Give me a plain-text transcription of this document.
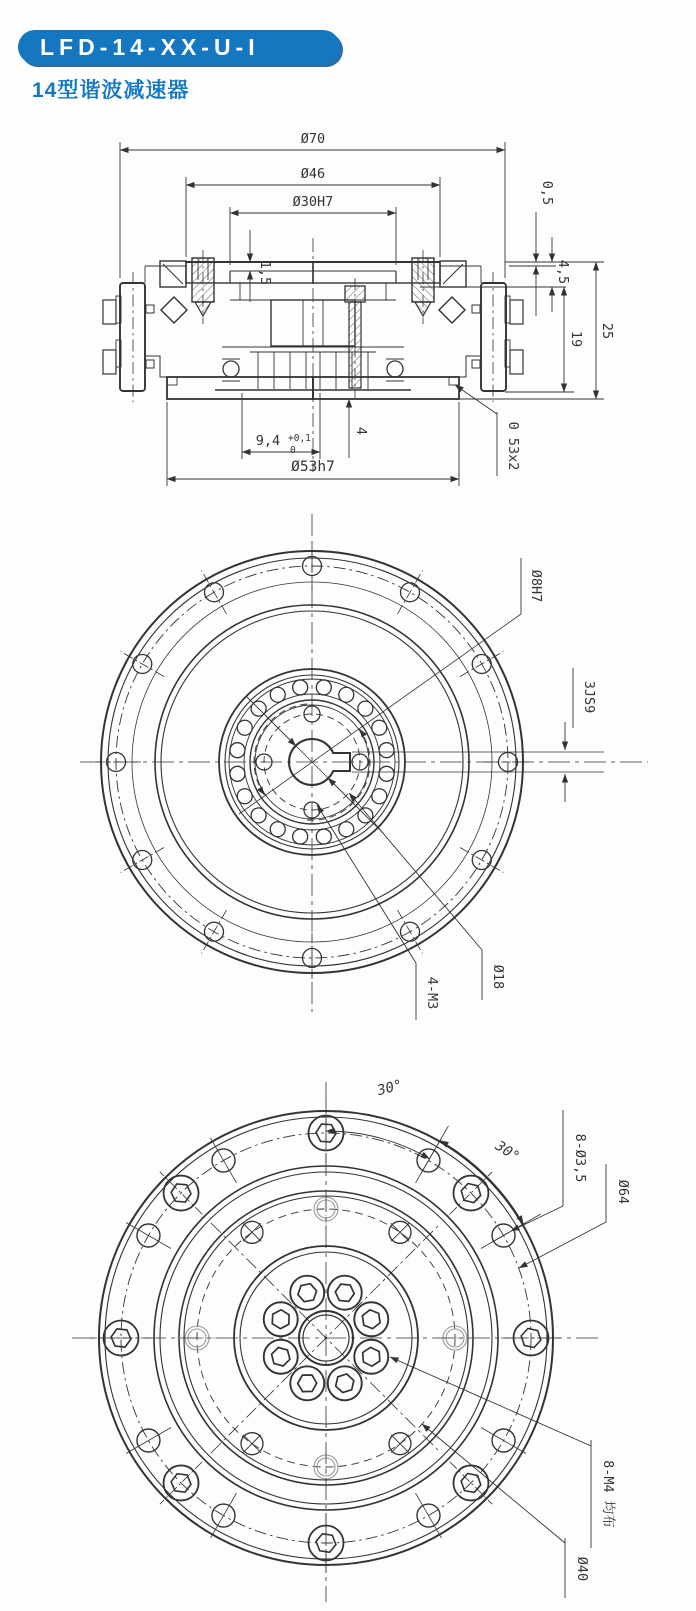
LFD-14-XX-U-I
14型谐波减速器
Ø70
Ø46
Ø30H7
1,5
0,5
4,5
19 25
9,4 +0,1
0
4
Ø53h7	0 53x2
Ø8H7
3JS9
Ø18
4-M3
30°
30°	8-Ø3,5
Ø64
8-M4 均布
Ø40
